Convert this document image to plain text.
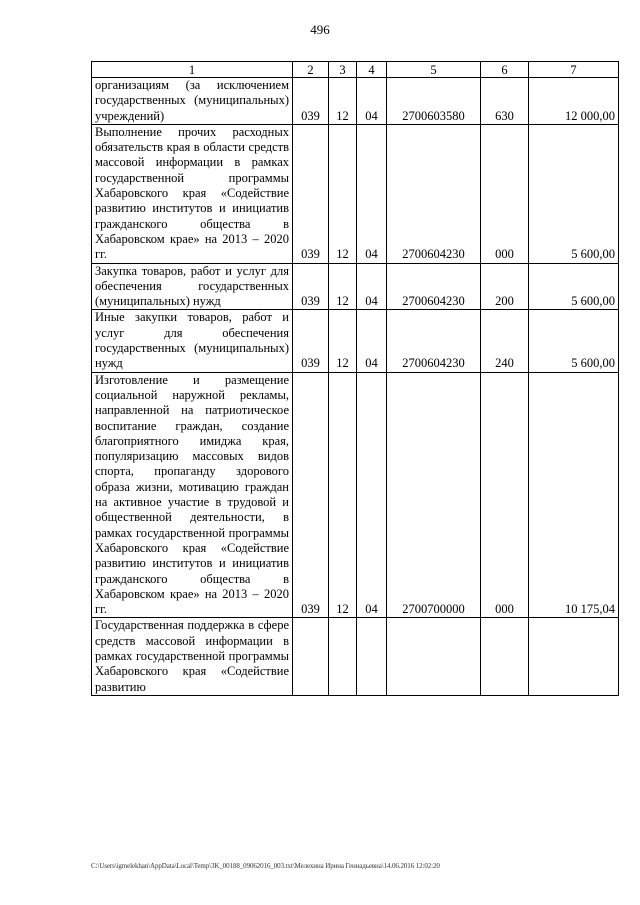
496
1	2	3	4	5	6	7
организациям (за исключением государственных (муниципальных) учреждений)	039	12	04	2700603580	630	12 000,00
Выполнение прочих расходных обязательств края в области средств массовой информации в рамках государственной программы Хабаровского края «Содействие развитию институтов и инициатив гражданского общества в Хабаровском крае» на 2013 – 2020 гг.	039	12	04	2700604230	000	5 600,00
Закупка товаров, работ и услуг для обеспечения государственных (муниципальных) нужд	039	12	04	2700604230	200	5 600,00
Иные закупки товаров, работ и услуг для обеспечения государственных (муниципальных) нужд	039	12	04	2700604230	240	5 600,00
Изготовление и размещение социальной наружной рекламы, направленной на патриотическое воспитание граждан, создание благоприятного имиджа края, популяризацию массовых видов спорта, пропаганду здорового образа жизни, мотивацию граждан на активное участие в трудовой и общественной деятельности, в рамках государственной программы Хабаровского края «Содействие развитию институтов и инициатив гражданского общества в Хабаровском крае» на 2013 – 2020 гг.	039	12	04	2700700000	000	10 175,04
Государственная поддержка в сфере средств массовой информации в рамках государственной программы Хабаровского края «Содействие развитию						
C:\Users\igmelekhan\AppData\Local\Temp\3K_00188_09062016_003.txt\Мелехина Ирина Геннадьевна\14.06.2016 12:02:20
